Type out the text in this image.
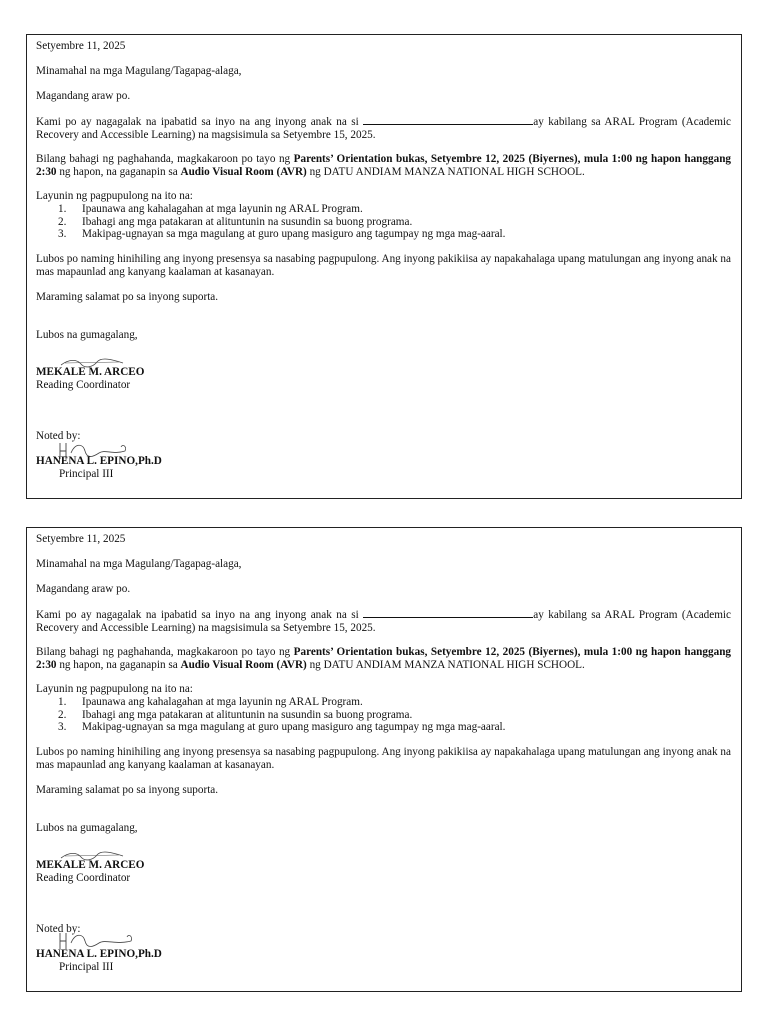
Setyembre 11, 2025
Minamahal na mga Magulang/Tagapag-alaga,
Magandang araw po.
Kami po ay nagagalak na ipabatid sa inyo na ang inyong anak na si	ay kabilang sa ARAL Program (Academic Recovery and Accessible Learning) na magsisimula sa Setyembre 15, 2025.
Bilang bahagi ng paghahanda, magkakaroon po tayo ng Parents’ Orientation bukas, Setyembre 12, 2025 (Biyernes), mula 1:00 ng hapon hanggang 2:30 ng hapon, na gaganapin sa Audio Visual Room (AVR) ng DATU ANDIAM MANZA NATIONAL HIGH SCHOOL.
Layunin ng pagpupulong na ito na:
1. Ipaunawa ang kahalagahan at mga layunin ng ARAL Program.
2. Ibahagi ang mga patakaran at alituntunin na susundin sa buong programa.
3. Makipag-ugnayan sa mga magulang at guro upang masiguro ang tagumpay ng mga mag-aaral.
Lubos po naming hinihiling ang inyong presensya sa nasabing pagpupulong. Ang inyong pakikiisa ay napakahalaga upang matulungan ang inyong anak na mas mapaunlad ang kanyang kaalaman at kasanayan.
Maraming salamat po sa inyong suporta.
Lubos na gumagalang,
MEKALE M. ARCEO
Reading Coordinator
Noted by:
HANENA L. EPINO,Ph.D
Principal III
Setyembre 11, 2025
Minamahal na mga Magulang/Tagapag-alaga,
Magandang araw po.
Kami po ay nagagalak na ipabatid sa inyo na ang inyong anak na si	ay kabilang sa ARAL Program (Academic Recovery and Accessible Learning) na magsisimula sa Setyembre 15, 2025.
Bilang bahagi ng paghahanda, magkakaroon po tayo ng Parents’ Orientation bukas, Setyembre 12, 2025 (Biyernes), mula 1:00 ng hapon hanggang 2:30 ng hapon, na gaganapin sa Audio Visual Room (AVR) ng DATU ANDIAM MANZA NATIONAL HIGH SCHOOL.
Layunin ng pagpupulong na ito na:
1. Ipaunawa ang kahalagahan at mga layunin ng ARAL Program.
2. Ibahagi ang mga patakaran at alituntunin na susundin sa buong programa.
3. Makipag-ugnayan sa mga magulang at guro upang masiguro ang tagumpay ng mga mag-aaral.
Lubos po naming hinihiling ang inyong presensya sa nasabing pagpupulong. Ang inyong pakikiisa ay napakahalaga upang matulungan ang inyong anak na mas mapaunlad ang kanyang kaalaman at kasanayan.
Maraming salamat po sa inyong suporta.
Lubos na gumagalang,
MEKALE M. ARCEO
Reading Coordinator
Noted by:
HANENA L. EPINO,Ph.D
Principal III
